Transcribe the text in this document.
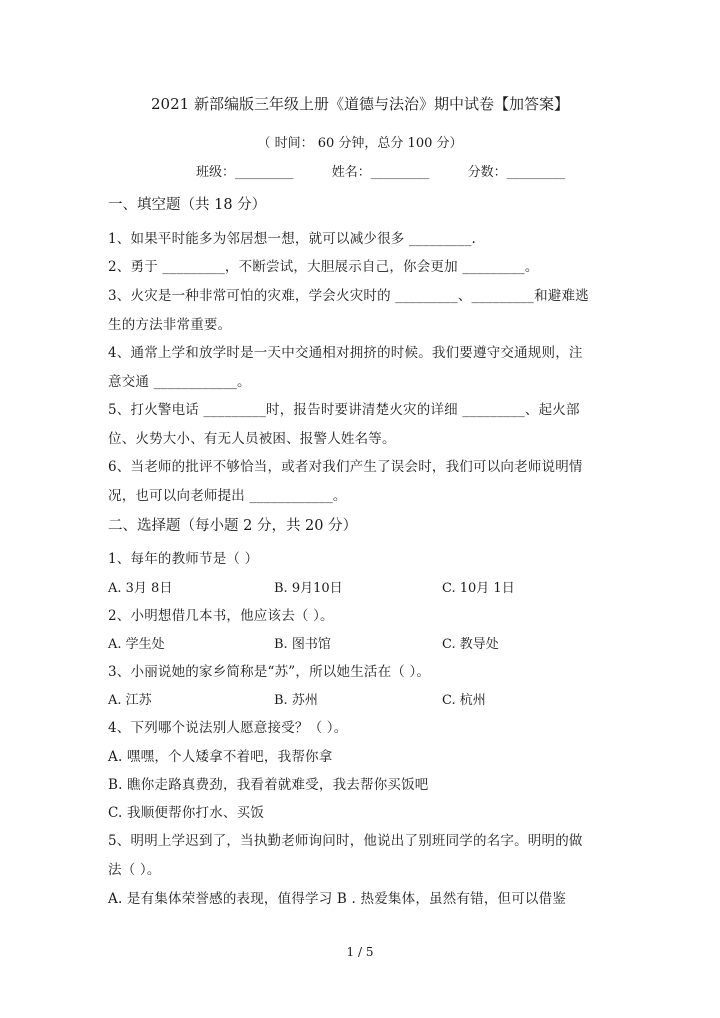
2021 新部编版三年级上册《道德与法治》期中试卷【加答案】
（ 时间： 60 分钟，总分 100 分）
班级：_________	姓名：_________	分数：_________
一、填空题（共 18 分）
1、如果平时能多为邻居想一想，就可以减少很多 _________.
2、勇于 _________，不断尝试，大胆展示自己，你会更加 _________。
3、火灾是一种非常可怕的灾难，学会火灾时的 _________、_________和避难逃
生的方法非常重要。
4、通常上学和放学时是一天中交通相对拥挤的时候。我们要遵守交通规则，注
意交通 ____________。
5、打火警电话 _________时，报告时要讲清楚火灾的详细 _________、起火部
位、火势大小、有无人员被困、报警人姓名等。
6、当老师的批评不够恰当，或者对我们产生了误会时，我们可以向老师说明情
况，也可以向老师提出 ____________。
二、选择题（每小题 2 分，共 20 分）
1、每年的教师节是（ ）
A. 3月 8日	B. 9月10日	C. 10月 1日
2、小明想借几本书，他应该去（ ）。
A. 学生处	B. 图书馆	C. 教导处
3、小丽说她的家乡简称是“苏”，所以她生活在（ ）。
A. 江苏	B. 苏州	C. 杭州
4、下列哪个说法别人愿意接受？（ ）。
A. 嘿嘿，个人矮拿不着吧，我帮你拿
B. 瞧你走路真费劲，我看着就难受，我去帮你买饭吧
C. 我顺便帮你打水、买饭
5、明明上学迟到了，当执勤老师询问时，他说出了别班同学的名字。明明的做
法（ ）。
A. 是有集体荣誉感的表现，值得学习 B . 热爱集体，虽然有错，但可以借鉴
1 / 5
